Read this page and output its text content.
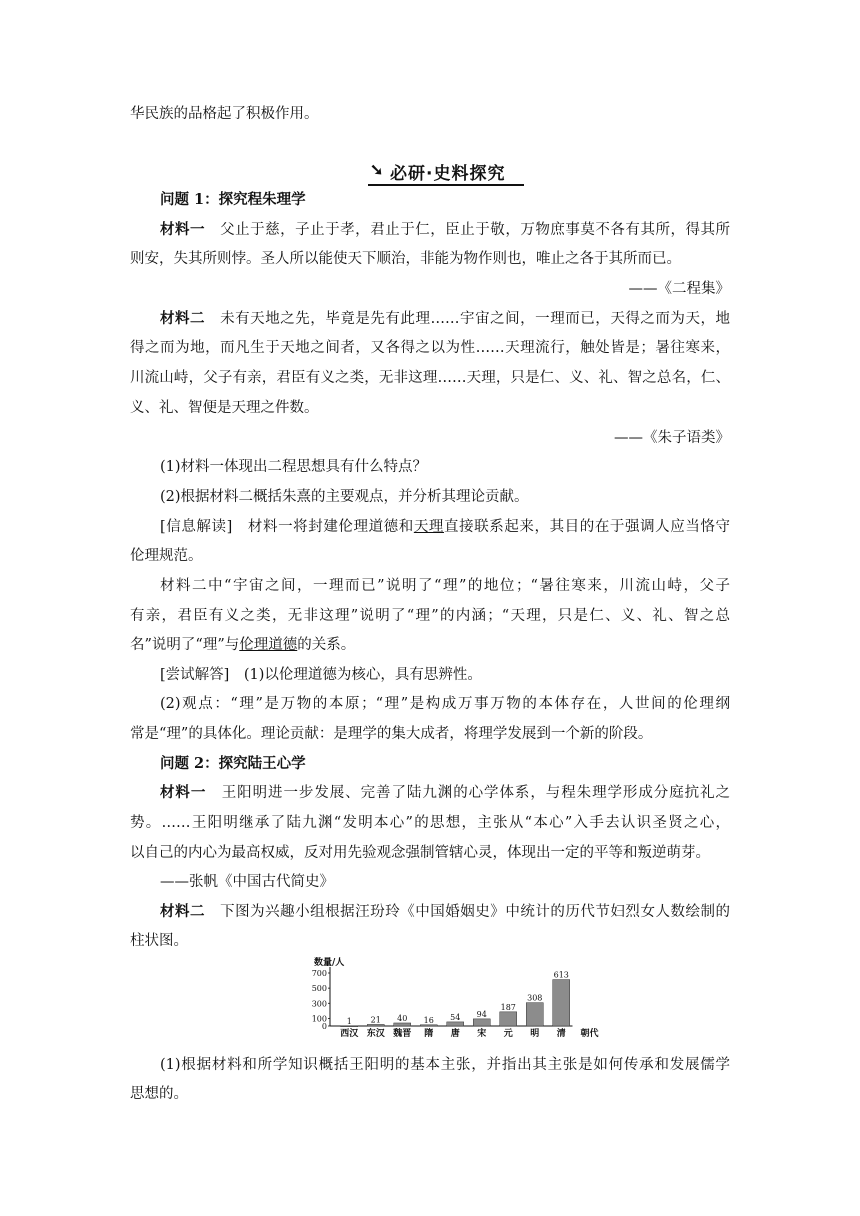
华民族的品格起了积极作用。
➘ 必研·史料探究
问题 1：探究程朱理学
材料一　 父止于慈，子止于孝，君止于仁，臣止于敬，万物庶事莫不各有其所，得其所
则安，失其所则悖。圣人所以能使天下顺治，非能为物作则也，唯止之各于其所而已。
——《二程集》
材料二　 未有天地之先，毕竟是先有此理……宇宙之间，一理而已，天得之而为天，地
得之而为地，而凡生于天地之间者，又各得之以为性……天理流行，触处皆是；暑往寒来，
川流山峙，父子有亲，君臣有义之类，无非这理……天理，只是仁、义、礼、智之总名，仁、
义、礼、智便是天理之件数。
——《朱子语类》
(1)材料一体现出二程思想具有什么特点？
(2)根据材料二概括朱熹的主要观点，并分析其理论贡献。
[信息解读]　 材料一将封建伦理道德和天理直接联系起来，其目的在于强调人应当恪守
伦理规范。
材料二中“宇宙之间，一理而已”说明了“理”的地位；“暑往寒来，川流山峙，父子
有亲，君臣有义之类，无非这理”说明了“理”的内涵；“天理，只是仁、义、礼、智之总
名”说明了“理”与伦理道德的关系。
[尝试解答]　 (1)以伦理道德为核心，具有思辨性。
(2)观点：“理”是万物的本原；“理”是构成万事万物的本体存在，人世间的伦理纲
常是“理”的具体化。理论贡献：是理学的集大成者，将理学发展到一个新的阶段。
问题 2：探究陆王心学
材料一　 王阳明进一步发展、完善了陆九渊的心学体系，与程朱理学形成分庭抗礼之
势。……王阳明继承了陆九渊“发明本心”的思想，主张从“本心”入手去认识圣贤之心，
以自己的内心为最高权威，反对用先验观念强制管辖心灵，体现出一定的平等和叛逆萌芽。
——张帆《中国古代简史》
材料二　 下图为兴趣小组根据汪玢玲《中国婚姻史》中统计的历代节妇烈女人数绘制的
柱状图。
0
100
300
500
700
数量/人
1
西汉
21
东汉
40
魏晋
16
隋
54
唐
94
宋
187
元
308
明
613
清 朝代
(1)根据材料和所学知识概括王阳明的基本主张，并指出其主张是如何传承和发展儒学
思想的。
